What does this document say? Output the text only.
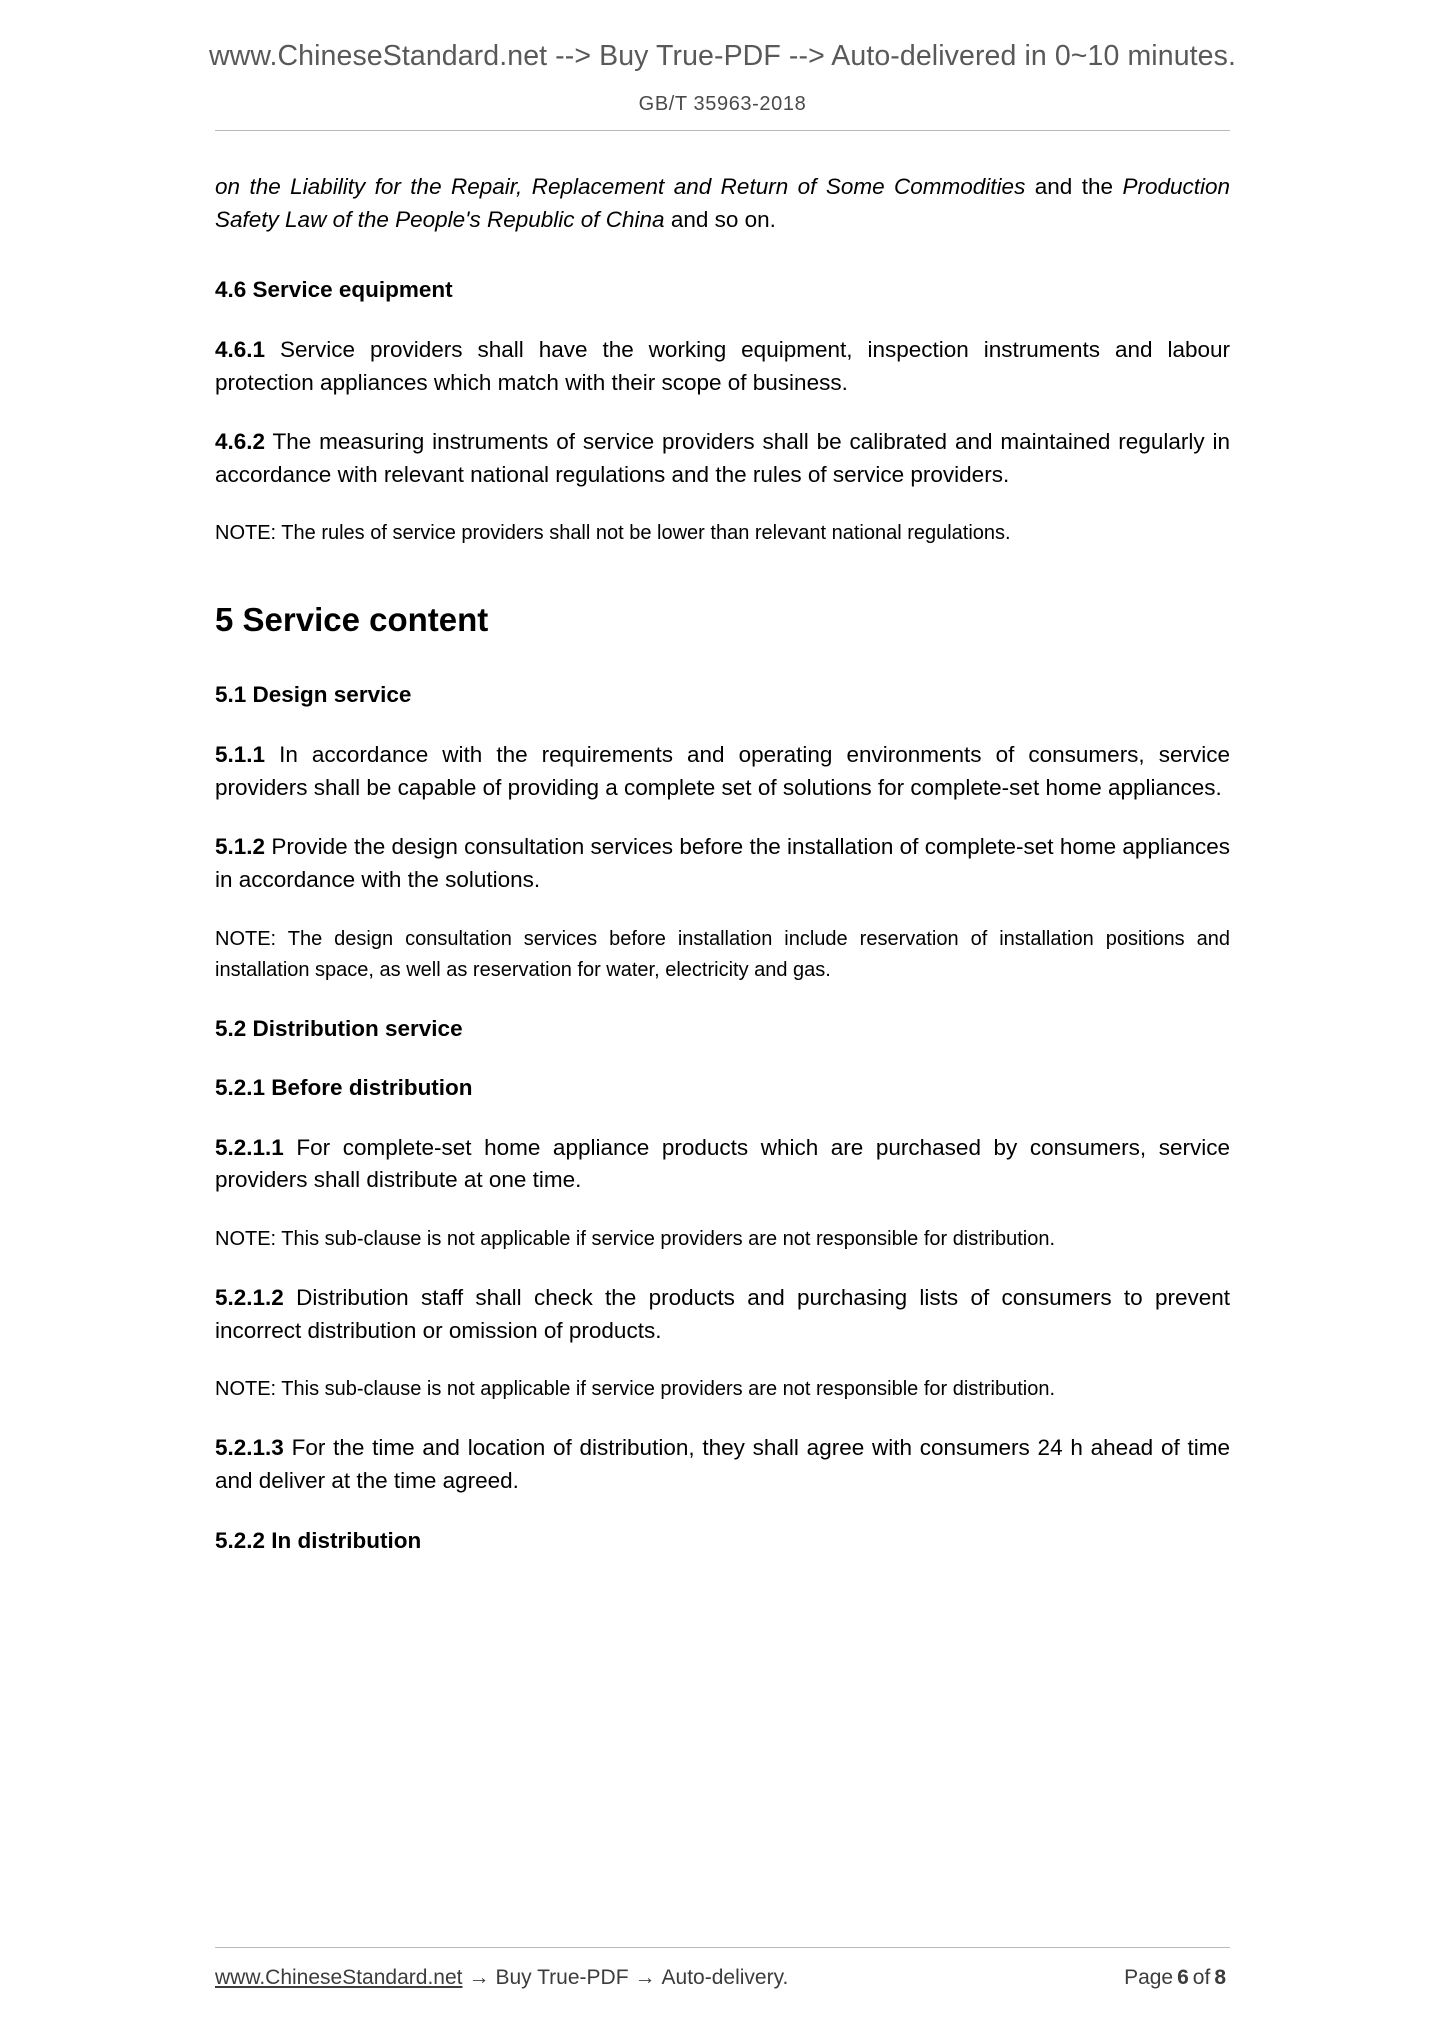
www.ChineseStandard.net --> Buy True-PDF --> Auto-delivered in 0~10 minutes.
GB/T 35963-2018

on the Liability for the Repair, Replacement and Return of Some Commodities and the Production Safety Law of the People's Republic of China and so on.

4.6 Service equipment

4.6.1 Service providers shall have the working equipment, inspection instruments and labour protection appliances which match with their scope of business.

4.6.2 The measuring instruments of service providers shall be calibrated and maintained regularly in accordance with relevant national regulations and the rules of service providers.

NOTE: The rules of service providers shall not be lower than relevant national regulations.

5 Service content

5.1 Design service

5.1.1 In accordance with the requirements and operating environments of consumers, service providers shall be capable of providing a complete set of solutions for complete-set home appliances.

5.1.2 Provide the design consultation services before the installation of complete-set home appliances in accordance with the solutions.

NOTE: The design consultation services before installation include reservation of installation positions and installation space, as well as reservation for water, electricity and gas.

5.2 Distribution service

5.2.1 Before distribution

5.2.1.1 For complete-set home appliance products which are purchased by consumers, service providers shall distribute at one time.

NOTE: This sub-clause is not applicable if service providers are not responsible for distribution.

5.2.1.2 Distribution staff shall check the products and purchasing lists of consumers to prevent incorrect distribution or omission of products.

NOTE: This sub-clause is not applicable if service providers are not responsible for distribution.

5.2.1.3 For the time and location of distribution, they shall agree with consumers 24 h ahead of time and deliver at the time agreed.

5.2.2 In distribution

www.ChineseStandard.net → Buy True-PDF → Auto-delivery.	Page 6 of 8
